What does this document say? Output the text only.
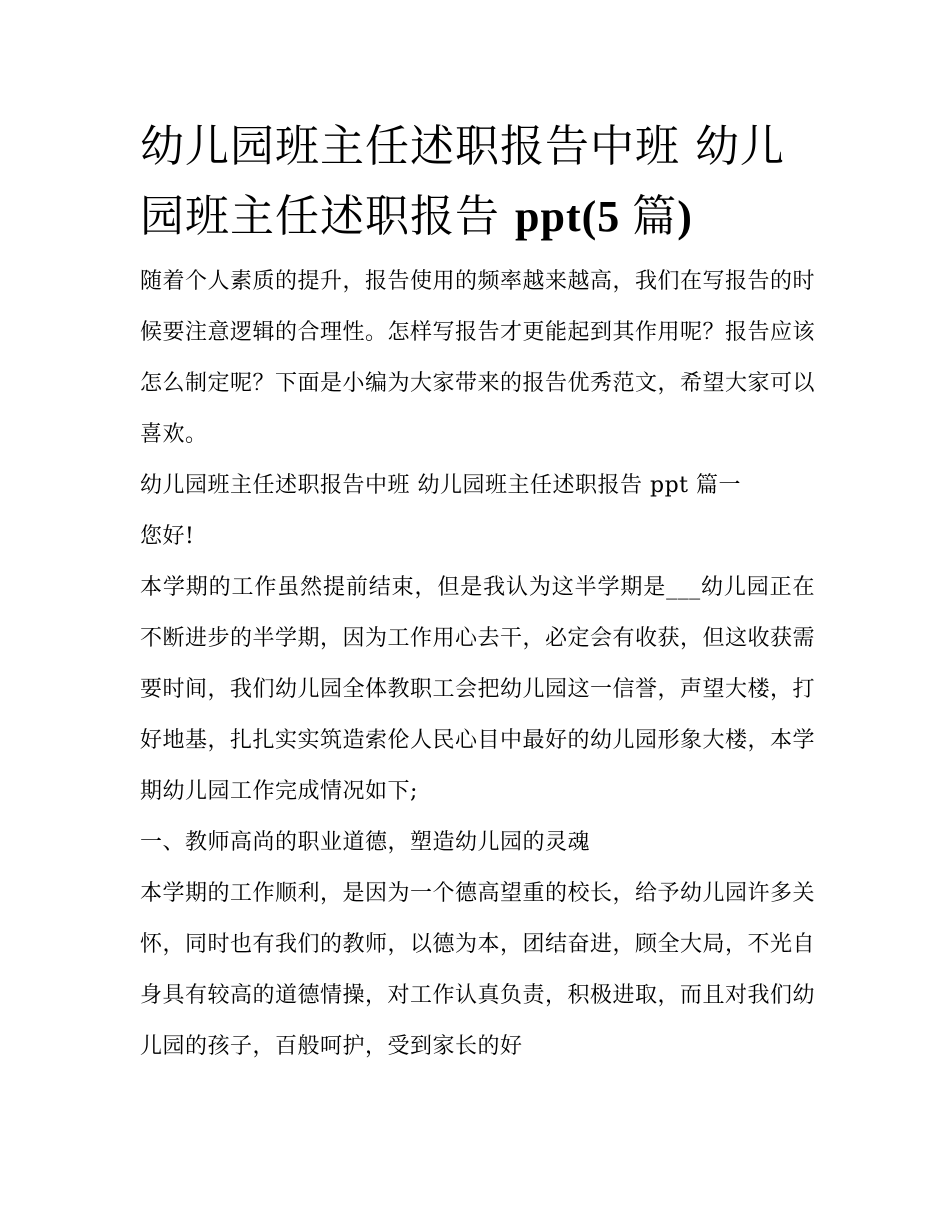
幼儿园班主任述职报告中班 幼儿园班主任述职报告 ppt(5 篇)

随着个人素质的提升，报告使用的频率越来越高，我们在写报告的时候要注意逻辑的合理性。怎样写报告才更能起到其作用呢？报告应该怎么制定呢？下面是小编为大家带来的报告优秀范文，希望大家可以喜欢。

幼儿园班主任述职报告中班 幼儿园班主任述职报告 ppt 篇一

您好!

本学期的工作虽然提前结束，但是我认为这半学期是___幼儿园正在不断进步的半学期，因为工作用心去干，必定会有收获，但这收获需要时间，我们幼儿园全体教职工会把幼儿园这一信誉，声望大楼，打好地基，扎扎实实筑造索伦人民心目中最好的幼儿园形象大楼，本学期幼儿园工作完成情况如下;

一、教师高尚的职业道德，塑造幼儿园的灵魂

本学期的工作顺利，是因为一个德高望重的校长，给予幼儿园许多关怀，同时也有我们的教师，以德为本，团结奋进，顾全大局，不光自身具有较高的道德情操，对工作认真负责，积极进取，而且对我们幼儿园的孩子，百般呵护，受到家长的好
